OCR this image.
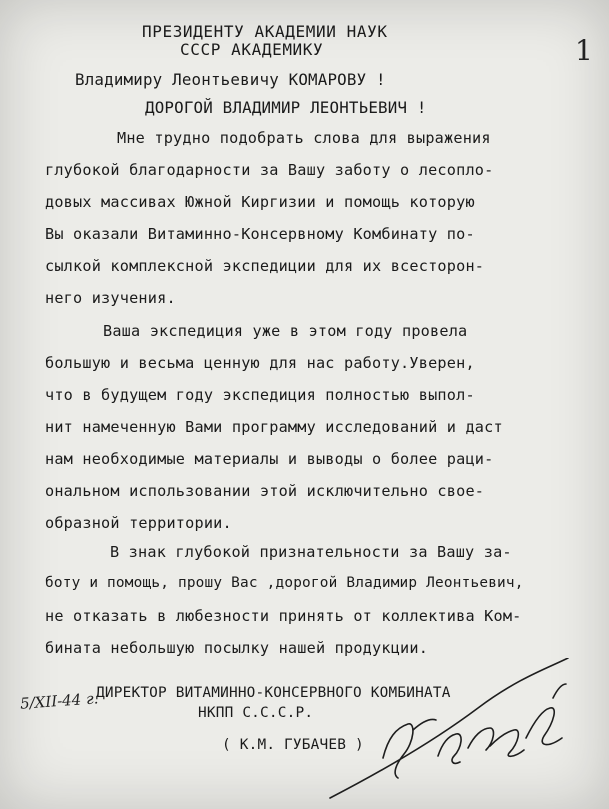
1
ПРЕЗИДЕНТУ АКАДЕМИИ НАУК
СССР АКАДЕМИКУ
Владимиру Леонтьевичу КОМАРОВУ !
ДОРОГОЙ ВЛАДИМИР ЛЕОНТЬЕВИЧ !
Мне трудно подобрать слова для выражения
глубокой благодарности за Вашу заботу о лесоплo-
довых массивах Южной Киргизии и помощь которую
Вы оказали Витаминно-Консервному Комбинату по-
сылкой комплексной экспедиции для их всесторон-
него изучения.
Ваша экспедиция уже в этом году провела
большую и весьма ценную для нас работу.Уверен,
что в будущем году экспедиция полностью выпол-
нит намеченную Вами программу исследований и даст
нам необходимые материалы и выводы о более раци-
ональном использовании этой исключительно свое-
образной территории.
В знак глубокой признательности за Вашу за-
боту и помощь, прошу Вас ,дорогой Владимир Леонтьевич,
не отказать в любезности принять от коллектива Ком-
бината небольшую посылку нашей продукции.
ДИРЕКТОР ВИТАМИННО-КОНСЕРВНОГО КОМБИНАТА
НКПП С.С.С.Р.
( К.М. ГУБАЧЕВ )
5/XII-44 г.
